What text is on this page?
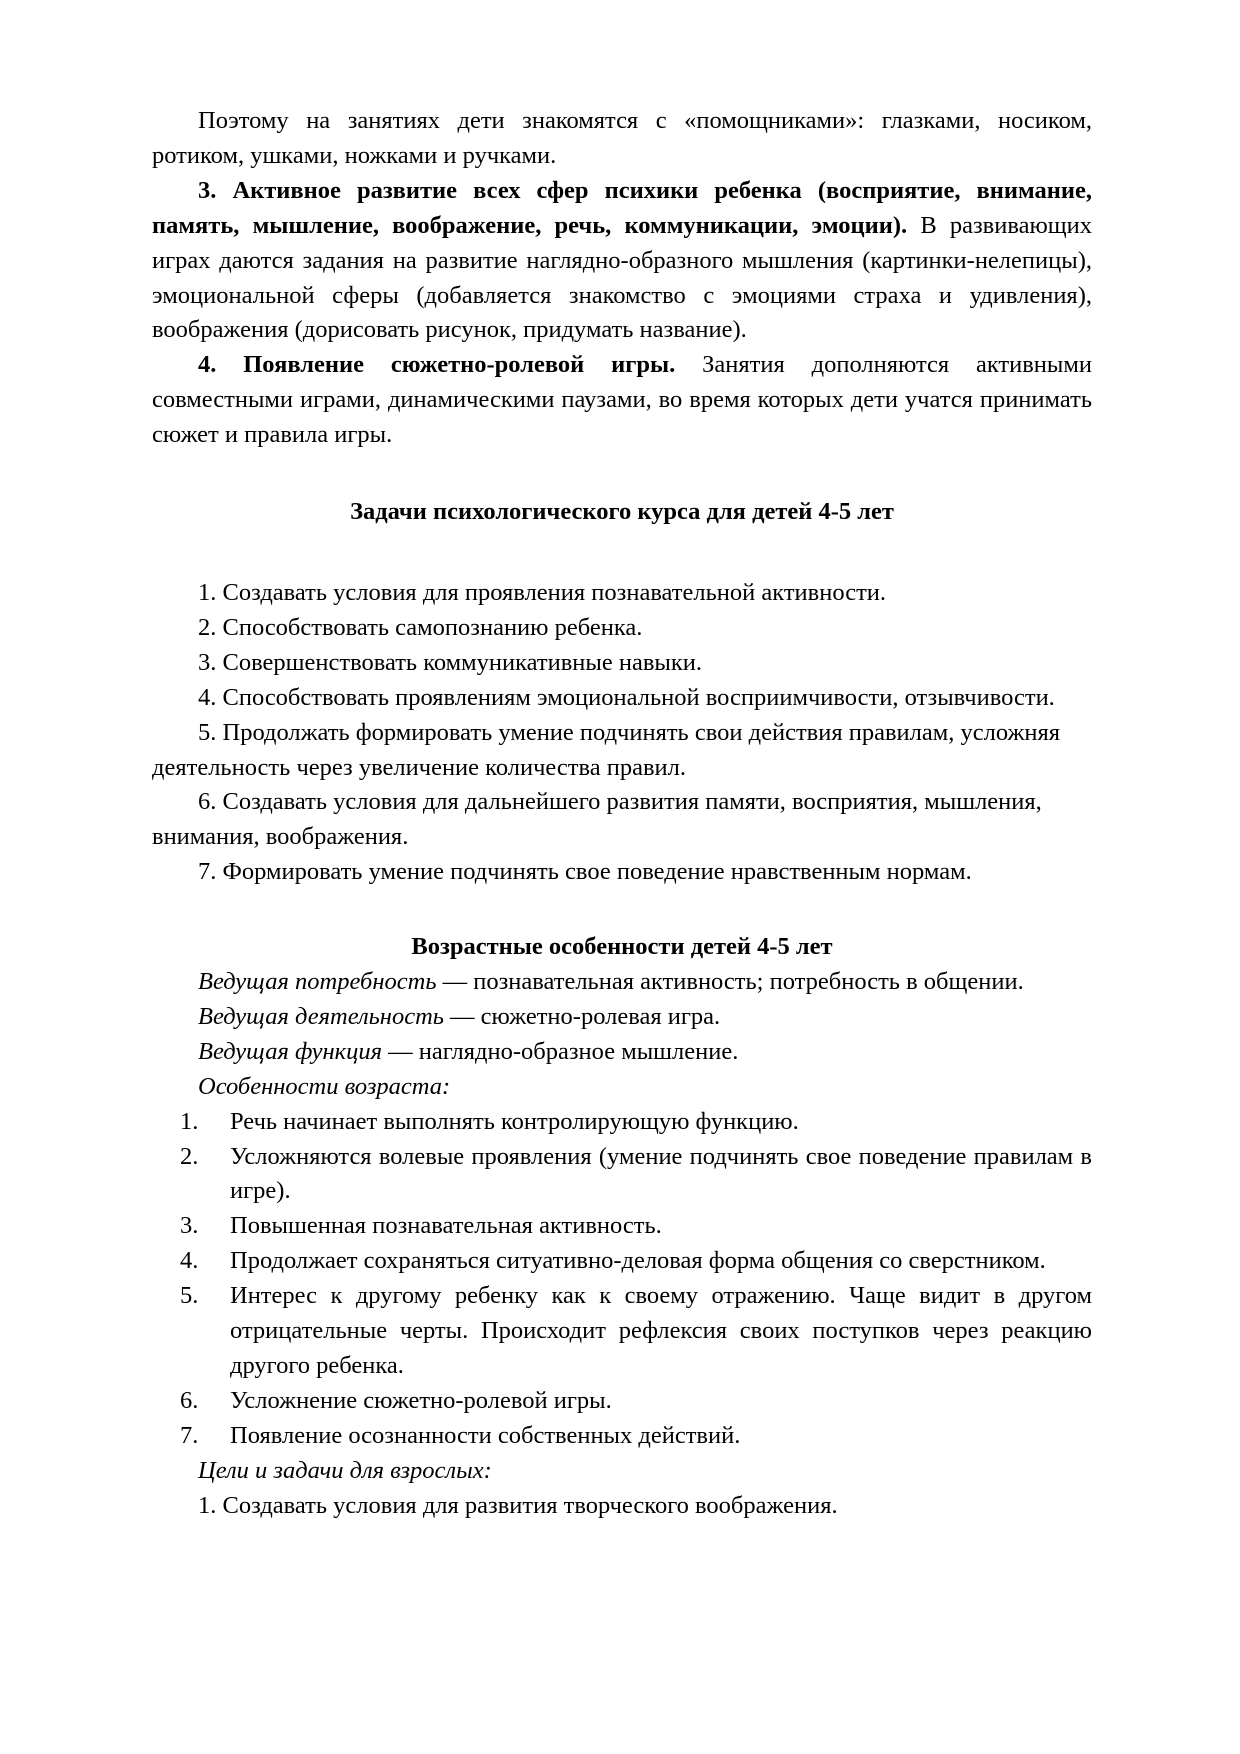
Поэтому на занятиях дети знакомятся с «помощниками»: глазками, носиком, ротиком, ушками, ножками и ручками.

3. Активное развитие всех сфер психики ребенка (восприятие, внимание, память, мышление, воображение, речь, коммуникации, эмоции). В развивающих играх даются задания на развитие наглядно-образного мышления (картинки-нелепицы), эмоциональной сферы (добавляется знакомство с эмоциями страха и удивления), воображения (дорисовать рисунок, придумать название).

4. Появление сюжетно-ролевой игры. Занятия дополняются активными совместными играми, динамическими паузами, во время которых дети учатся принимать сюжет и правила игры.

Задачи психологического курса для детей 4-5 лет

1. Создавать условия для проявления познавательной активности.

2. Способствовать самопознанию ребенка.

3. Совершенствовать коммуникативные навыки.

4. Способствовать проявлениям эмоциональной восприимчивости, отзывчивости.

5. Продолжать формировать умение подчинять свои действия правилам, усложняя деятельность через увеличение количества правил.

6. Создавать условия для дальнейшего развития памяти, восприятия, мышления, внимания, воображения.

7. Формировать умение подчинять свое поведение нравственным нормам.

Возрастные особенности детей 4-5 лет

Ведущая потребность — познавательная активность; потребность в общении.

Ведущая деятельность — сюжетно-ролевая игра.

Ведущая функция — наглядно-образное мышление.

Особенности возраста:

1.	Речь начинает выполнять контролирующую функцию.
2.	Усложняются волевые проявления (умение подчинять свое поведение правилам в игре).
3.	Повышенная познавательная активность.
4.	Продолжает сохраняться ситуативно-деловая форма общения со сверстником.
5.	Интерес к другому ребенку как к своему отражению. Чаще видит в другом отрицательные черты. Происходит рефлексия своих поступков через реакцию другого ребенка.
6.	Усложнение сюжетно-ролевой игры.
7.	Появление осознанности собственных действий.

Цели и задачи для взрослых:

1. Создавать условия для развития творческого воображения.
